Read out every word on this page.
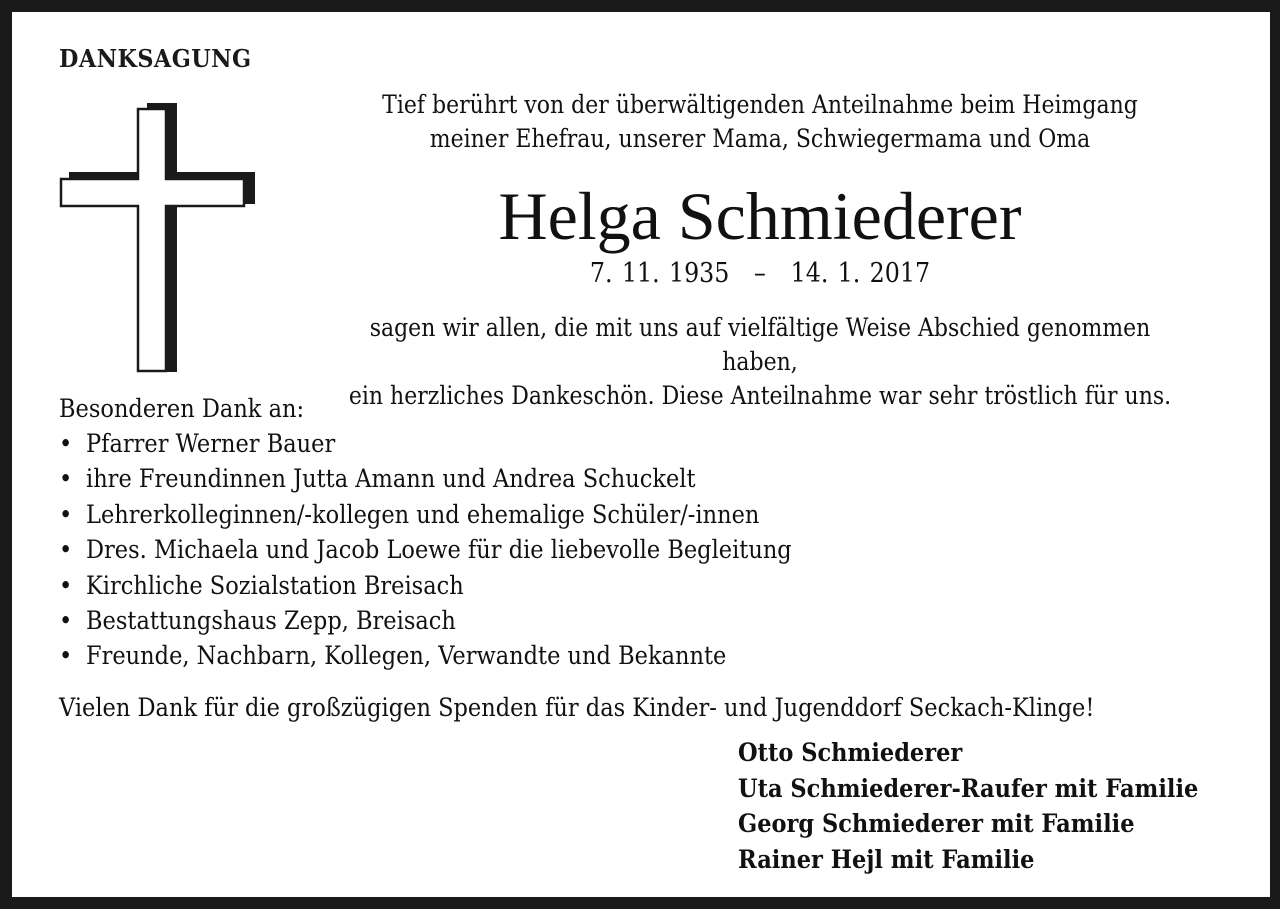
DANKSAGUNG
Tief berührt von der überwältigenden Anteilnahme beim Heimgang
meiner Ehefrau, unserer Mama, Schwiegermama und Oma
Helga Schmiederer
7. 11. 1935 – 14. 1. 2017
sagen wir allen, die mit uns auf vielfältige Weise Abschied genommen haben,
ein herzliches Dankeschön. Diese Anteilnahme war sehr tröstlich für uns.
Besonderen Dank an:
• Pfarrer Werner Bauer
• ihre Freundinnen Jutta Amann und Andrea Schuckelt
• Lehrerkolleginnen/-kollegen und ehemalige Schüler/-innen
• Dres. Michaela und Jacob Loewe für die liebevolle Begleitung
• Kirchliche Sozialstation Breisach
• Bestattungshaus Zepp, Breisach
• Freunde, Nachbarn, Kollegen, Verwandte und Bekannte
Vielen Dank für die großzügigen Spenden für das Kinder- und Jugenddorf Seckach-Klinge!
Otto Schmiederer
Uta Schmiederer-Raufer mit Familie
Georg Schmiederer mit Familie
Rainer Hejl mit Familie
